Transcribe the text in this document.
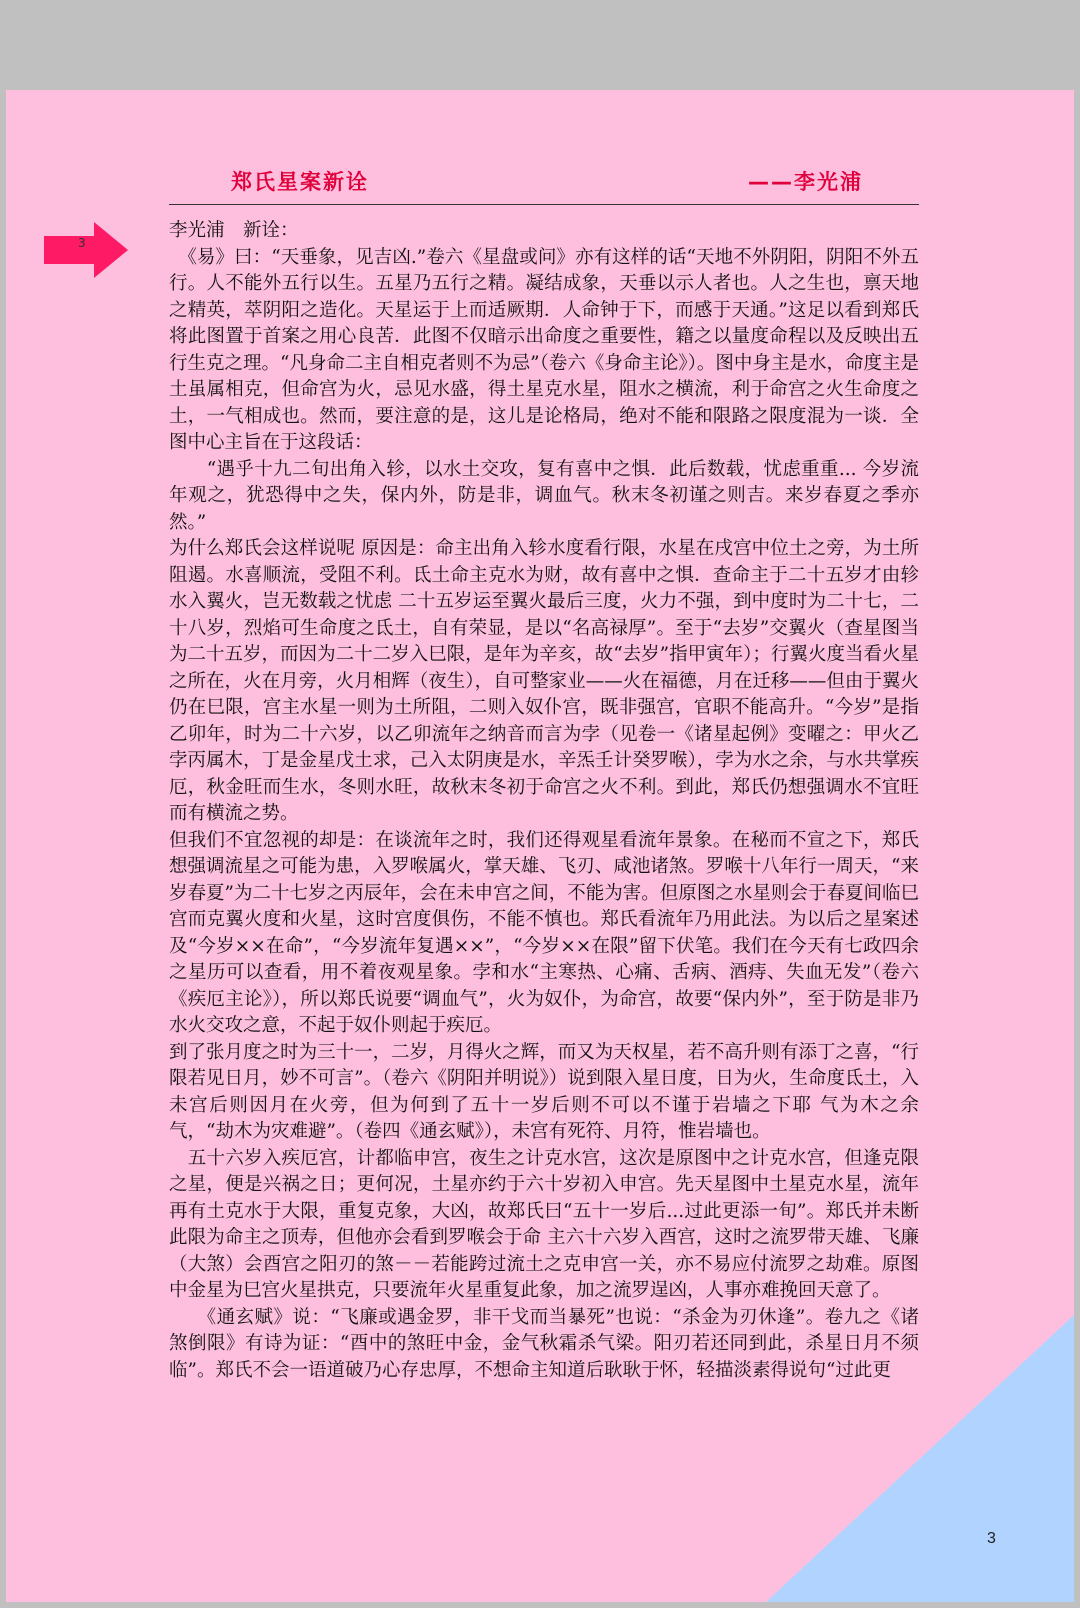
郑氏星案新诠	——李光浦
3

李光浦　新诠：

　《易》曰：“天垂象，见吉凶.”卷六《星盘或问》亦有这样的话“天地不外阴阳，阴阳不外五行。人不能外五行以生。五星乃五行之精。凝结成象，天垂以示人者也。人之生也，禀天地之精英，萃阴阳之造化。天星运于上而适厥期．人命钟于下，而感于天通。”这足以看到郑氏将此图置于首案之用心良苦．此图不仅暗示出命度之重要性，籍之以量度命程以及反映出五行生克之理。“凡身命二主自相克者则不为忌”（卷六《身命主论》）。图中身主是水，命度主是土虽属相克，但命宫为火，忌见水盛，得土星克水星，阻水之横流，利于命宫之火生命度之土，一气相成也。然而，要注意的是，这儿是论格局，绝对不能和限路之限度混为一谈．全图中心主旨在于这段话：

　　“遇乎十九二旬出角入轸，以水土交攻，复有喜中之惧．此后数载，忧虑重重... 今岁流年观之，犹恐得中之失，保内外，防是非，调血气。秋末冬初谨之则吉。来岁春夏之季亦然。”

为什么郑氏会这样说呢 原因是：命主出角入轸水度看行限，水星在戌宫中位土之旁，为土所阻遏。水喜顺流，受阻不利。氐土命主克水为财，故有喜中之惧．查命主于二十五岁才由轸水入翼火，岂无数载之忧虑 二十五岁运至翼火最后三度，火力不强，到中度时为二十七，二十八岁，烈焰可生命度之氐土，自有荣显，是以“名高禄厚”。至于“去岁”交翼火（查星图当为二十五岁，而因为二十二岁入巳限，是年为辛亥，故“去岁”指甲寅年）；行翼火度当看火星之所在，火在月旁，火月相辉（夜生），自可整家业——火在福德，月在迁移——但由于翼火仍在巳限，宫主水星一则为土所阻，二则入奴仆宫，既非强宫，官职不能高升。“今岁”是指乙卯年，时为二十六岁，以乙卯流年之纳音而言为孛（见卷一《诸星起例》变曜之：甲火乙孛丙属木，丁是金星戊土求，己入太阴庚是水，辛炁壬计癸罗喉），孛为水之余，与水共掌疾厄，秋金旺而生水，冬则水旺，故秋末冬初于命宫之火不利。到此，郑氏仍想强调水不宜旺而有横流之势。

但我们不宜忽视的却是：在谈流年之时，我们还得观星看流年景象。在秘而不宣之下，郑氏想强调流星之可能为患，入罗喉属火，掌天雄、飞刃、咸池诸煞。罗喉十八年行一周天，“来岁春夏”为二十七岁之丙辰年，会在未申宫之间，不能为害。但原图之水星则会于春夏间临巳宫而克翼火度和火星，这时宫度俱伤，不能不慎也。郑氏看流年乃用此法。为以后之星案述及“今岁××在命”，“今岁流年复遇××”，“今岁××在限”留下伏笔。我们在今天有七政四余之星历可以查看，用不着夜观星象。孛和水“主寒热、心痛、舌病、酒痔、失血无发”（卷六《疾厄主论》），所以郑氏说要“调血气”，火为奴仆，为命宫，故要“保内外”，至于防是非乃水火交攻之意，不起于奴仆则起于疾厄。

到了张月度之时为三十一，二岁，月得火之辉，而又为天权星，若不高升则有添丁之喜，“行限若见日月，妙不可言”。（卷六《阴阳并明说》）说到限入星日度，日为火，生命度氐土，入未宫后则因月在火旁，但为何到了五十一岁后则不可以不谨于岩墙之下耶 气为木之余气，“劫木为灾难避”。（卷四《通玄赋》），未宫有死符、月符，惟岩墙也。

　五十六岁入疾厄宫，计都临申宫，夜生之计克水宫，这次是原图中之计克水宫，但逢克限之星，便是兴祸之日；更何况，土星亦约于六十岁初入申宫。先天星图中土星克水星，流年再有土克水于大限，重复克象，大凶，故郑氏曰“五十一岁后...过此更添一旬”。郑氏并未断此限为命主之顶寿，但他亦会看到罗喉会于命 主六十六岁入酉宫，这时之流罗带天雄、飞廉（大煞）会酉宫之阳刃的煞－－若能跨过流土之克申宫一关，亦不易应付流罗之劫难。原图中金星为巳宫火星拱克，只要流年火星重复此象，加之流罗逞凶，人事亦难挽回天意了。

　　《通玄赋》说：“飞廉或遇金罗，非干戈而当暴死”也说：“杀金为刃休逢”。卷九之《诸煞倒限》有诗为证：“酉中的煞旺中金，金气秋霜杀气梁。阳刃若还同到此，杀星日月不须临”。郑氏不会一语道破乃心存忠厚，不想命主知道后耿耿于怀，轻描淡素得说句“过此更

3
